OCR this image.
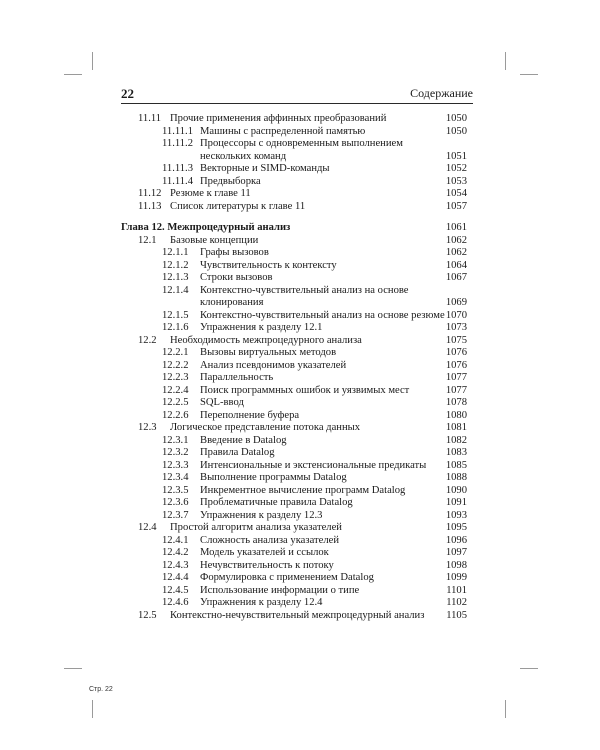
22	Содержание
11.11 Прочие применения аффинных преобразований	1050
11.11.1 Машины с распределенной памятью	1050
11.11.2 Процессоры с одновременным выполнением
нескольких команд	1051
11.11.3 Векторные и SIMD-команды	1052
11.11.4 Предвыборка	1053
11.12 Резюме к главе 11	1054
11.13 Список литературы к главе 11	1057
Глава 12. Межпроцедурный анализ	1061
12.1 Базовые концепции	1062
12.1.1 Графы вызовов	1062
12.1.2 Чувствительность к контексту	1064
12.1.3 Строки вызовов	1067
12.1.4 Контекстно-чувствительный анализ на основе
клонирования	1069
12.1.5 Контекстно-чувствительный анализ на основе резюме 1070
12.1.6 Упражнения к разделу 12.1	1073
12.2 Необходимость межпроцедурного анализа	1075
12.2.1 Вызовы виртуальных методов	1076
12.2.2 Анализ псевдонимов указателей	1076
12.2.3 Параллельность	1077
12.2.4 Поиск программных ошибок и уязвимых мест	1077
12.2.5 SQL-ввод	1078
12.2.6 Переполнение буфера	1080
12.3 Логическое представление потока данных	1081
12.3.1 Введение в Datalog	1082
12.3.2 Правила Datalog	1083
12.3.3 Интенсиональные и экстенсиональные предикаты 1085
12.3.4 Выполнение программы Datalog	1088
12.3.5 Инкрементное вычисление программ Datalog	1090
12.3.6 Проблематичные правила Datalog	1091
12.3.7 Упражнения к разделу 12.3	1093
12.4 Простой алгоритм анализа указателей	1095
12.4.1 Сложность анализа указателей	1096
12.4.2 Модель указателей и ссылок	1097
12.4.3 Нечувствительность к потоку	1098
12.4.4 Формулировка с применением Datalog	1099
12.4.5 Использование информации о типе	1101
12.4.6 Упражнения к разделу 12.4	1102
12.5 Контекстно-нечувствительный межпроцедурный анализ 1105
Стр. 22
